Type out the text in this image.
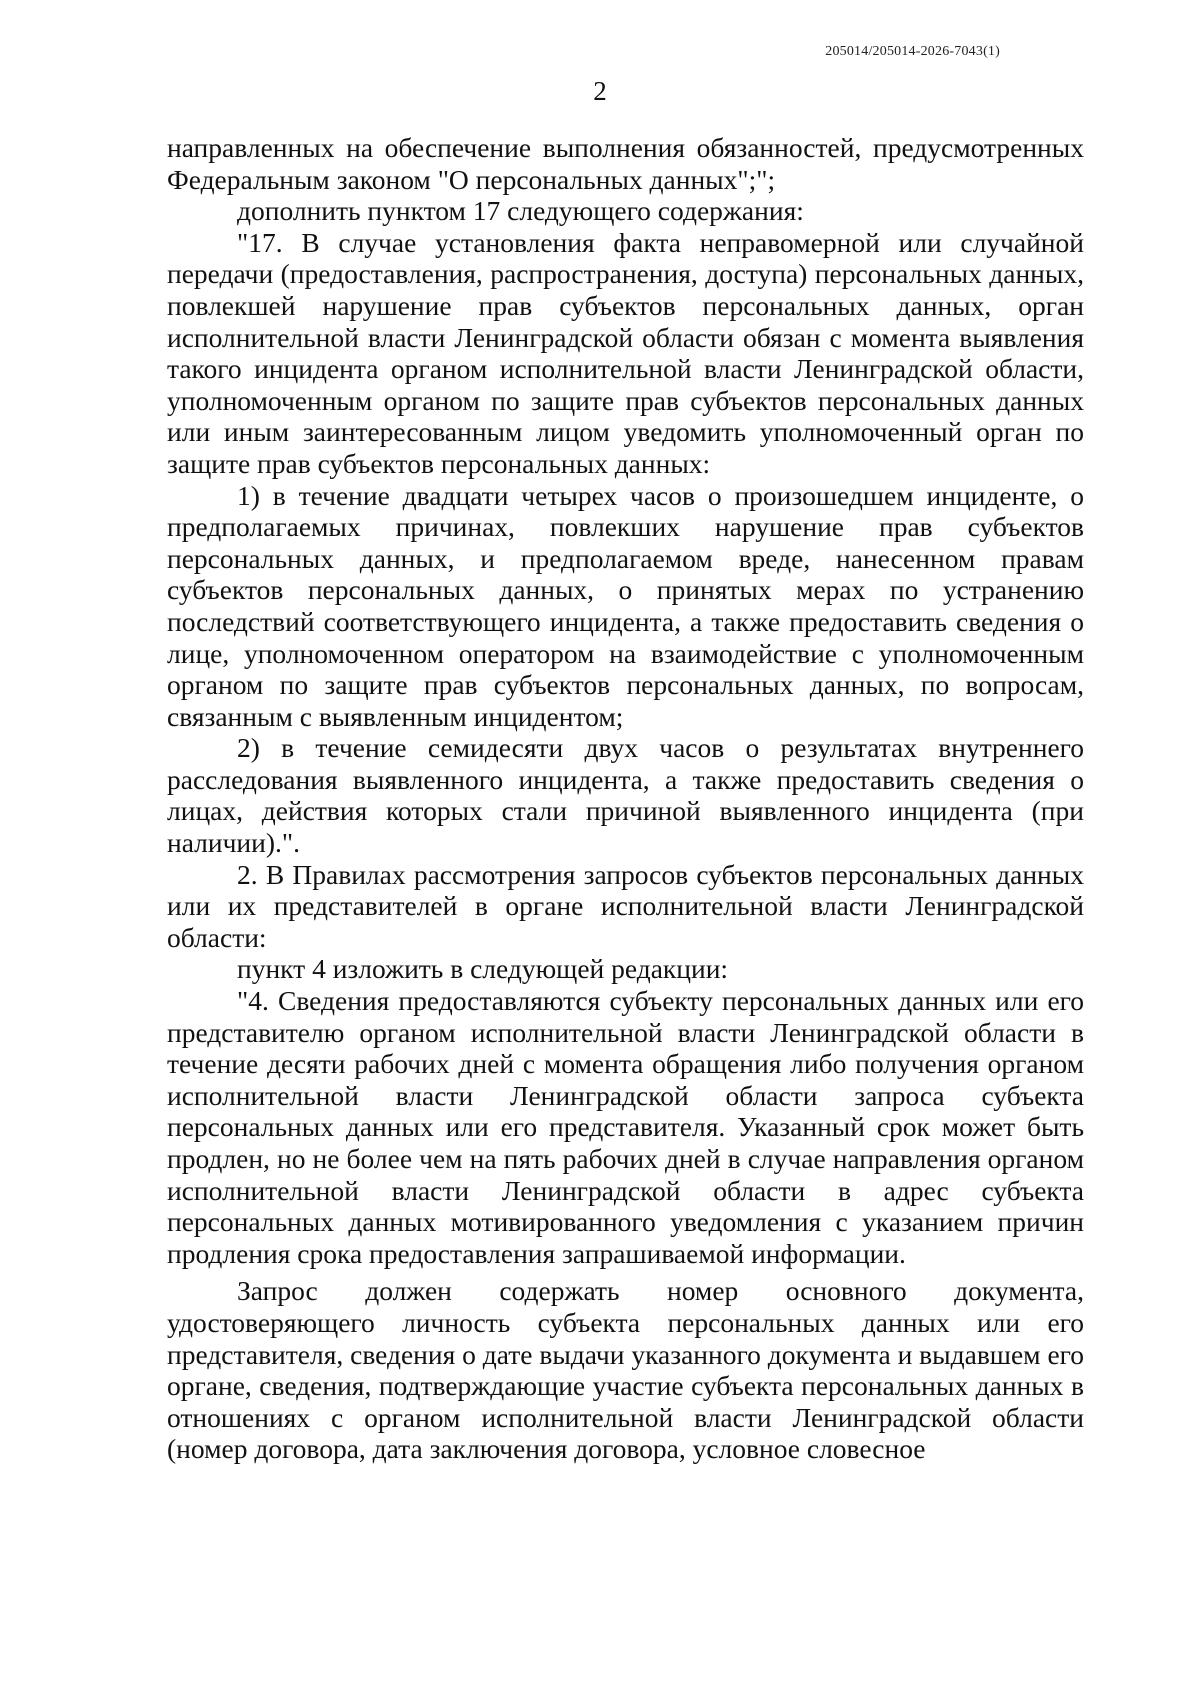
205014/205014-2026-7043(1)
2

направленных на обеспечение выполнения обязанностей, предусмотренных Федеральным законом "О персональных данных";";

дополнить пунктом 17 следующего содержания:

"17. В случае установления факта неправомерной или случайной передачи (предоставления, распространения, доступа) персональных данных, повлекшей нарушение прав субъектов персональных данных, орган исполнительной власти Ленинградской области обязан с момента выявления такого инцидента органом исполнительной власти Ленинградской области, уполномоченным органом по защите прав субъектов персональных данных или иным заинтересованным лицом уведомить уполномоченный орган по защите прав субъектов персональных данных:

1) в течение двадцати четырех часов о произошедшем инциденте, о предполагаемых причинах, повлекших нарушение прав субъектов персональных данных, и предполагаемом вреде, нанесенном правам субъектов персональных данных, о принятых мерах по устранению последствий соответствующего инцидента, а также предоставить сведения о лице, уполномоченном оператором на взаимодействие с уполномоченным органом по защите прав субъектов персональных данных, по вопросам, связанным с выявленным инцидентом;

2) в течение семидесяти двух часов о результатах внутреннего расследования выявленного инцидента, а также предоставить сведения о лицах, действия которых стали причиной выявленного инцидента (при наличии).".

2. В Правилах рассмотрения запросов субъектов персональных данных или их представителей в органе исполнительной власти Ленинградской области:

пункт 4 изложить в следующей редакции:

"4. Сведения предоставляются субъекту персональных данных или его представителю органом исполнительной власти Ленинградской области в течение десяти рабочих дней с момента обращения либо получения органом исполнительной власти Ленинградской области запроса субъекта персональных данных или его представителя. Указанный срок может быть продлен, но не более чем на пять рабочих дней в случае направления органом исполнительной власти Ленинградской области в адрес субъекта персональных данных мотивированного уведомления с указанием причин продления срока предоставления запрашиваемой информации.

Запрос должен содержать номер основного документа, удостоверяющего личность субъекта персональных данных или его представителя, сведения о дате выдачи указанного документа и выдавшем его органе, сведения, подтверждающие участие субъекта персональных данных в отношениях с органом исполнительной власти Ленинградской области (номер договора, дата заключения договора, условное словесное
